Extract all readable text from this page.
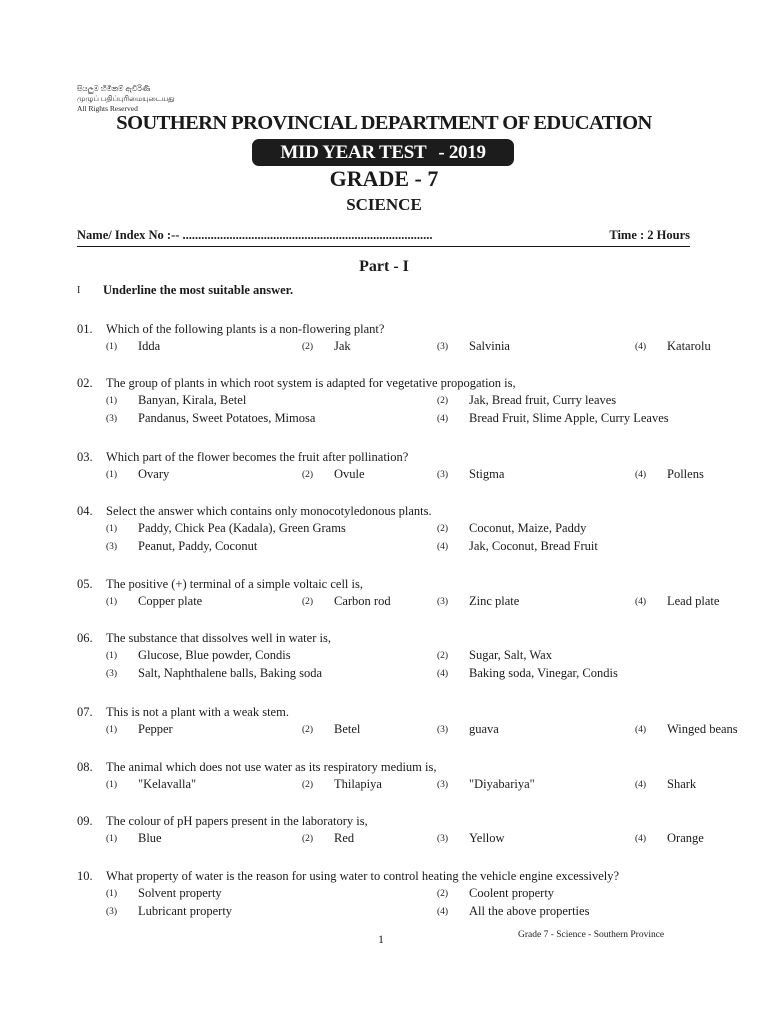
සියලුම හිමිකම් ඇවිරිණි
முழுப் பதிப்புரிமையுடையது
All Rights Reserved
SOUTHERN PROVINCIAL DEPARTMENT OF EDUCATION
MID YEAR TEST - 2019
GRADE - 7
SCIENCE
Name/ Index No :-- ................................................................................	Time : 2 Hours
Part - I
I Underline the most suitable answer.
01. Which of the following plants is a non-flowering plant?
(1) Idda	(2) Jak	(3) Salvinia	(4) Katarolu
02. The group of plants in which root system is adapted for vegetative propogation is,
(1) Banyan, Kirala, Betel	(2) Jak, Bread fruit, Curry leaves
(3) Pandanus, Sweet Potatoes, Mimosa	(4) Bread Fruit, Slime Apple, Curry Leaves
03. Which part of the flower becomes the fruit after pollination?
(1) Ovary	(2) Ovule	(3) Stigma	(4) Pollens
04. Select the answer which contains only monocotyledonous plants.
(1) Paddy, Chick Pea (Kadala), Green Grams	(2) Coconut, Maize, Paddy
(3) Peanut, Paddy, Coconut	(4) Jak, Coconut, Bread Fruit
05. The positive (+) terminal of a simple voltaic cell is,
(1) Copper plate	(2) Carbon rod	(3) Zinc plate	(4) Lead plate
06. The substance that dissolves well in water is,
(1) Glucose, Blue powder, Condis	(2) Sugar, Salt, Wax
(3) Salt, Naphthalene balls, Baking soda	(4) Baking soda, Vinegar, Condis
07. This is not a plant with a weak stem.
(1) Pepper	(2) Betel	(3) guava	(4) Winged beans
08. The animal which does not use water as its respiratory medium is,
(1) "Kelavalla"	(2) Thilapiya	(3) "Diyabariya"	(4) Shark
09. The colour of pH papers present in the laboratory is,
(1) Blue	(2) Red	(3) Yellow	(4) Orange
10. What property of water is the reason for using water to control heating the vehicle engine excessively?
(1) Solvent property	(2) Coolent property
(3) Lubricant property	(4) All the above properties
1	Grade 7 - Science - Southern Province
